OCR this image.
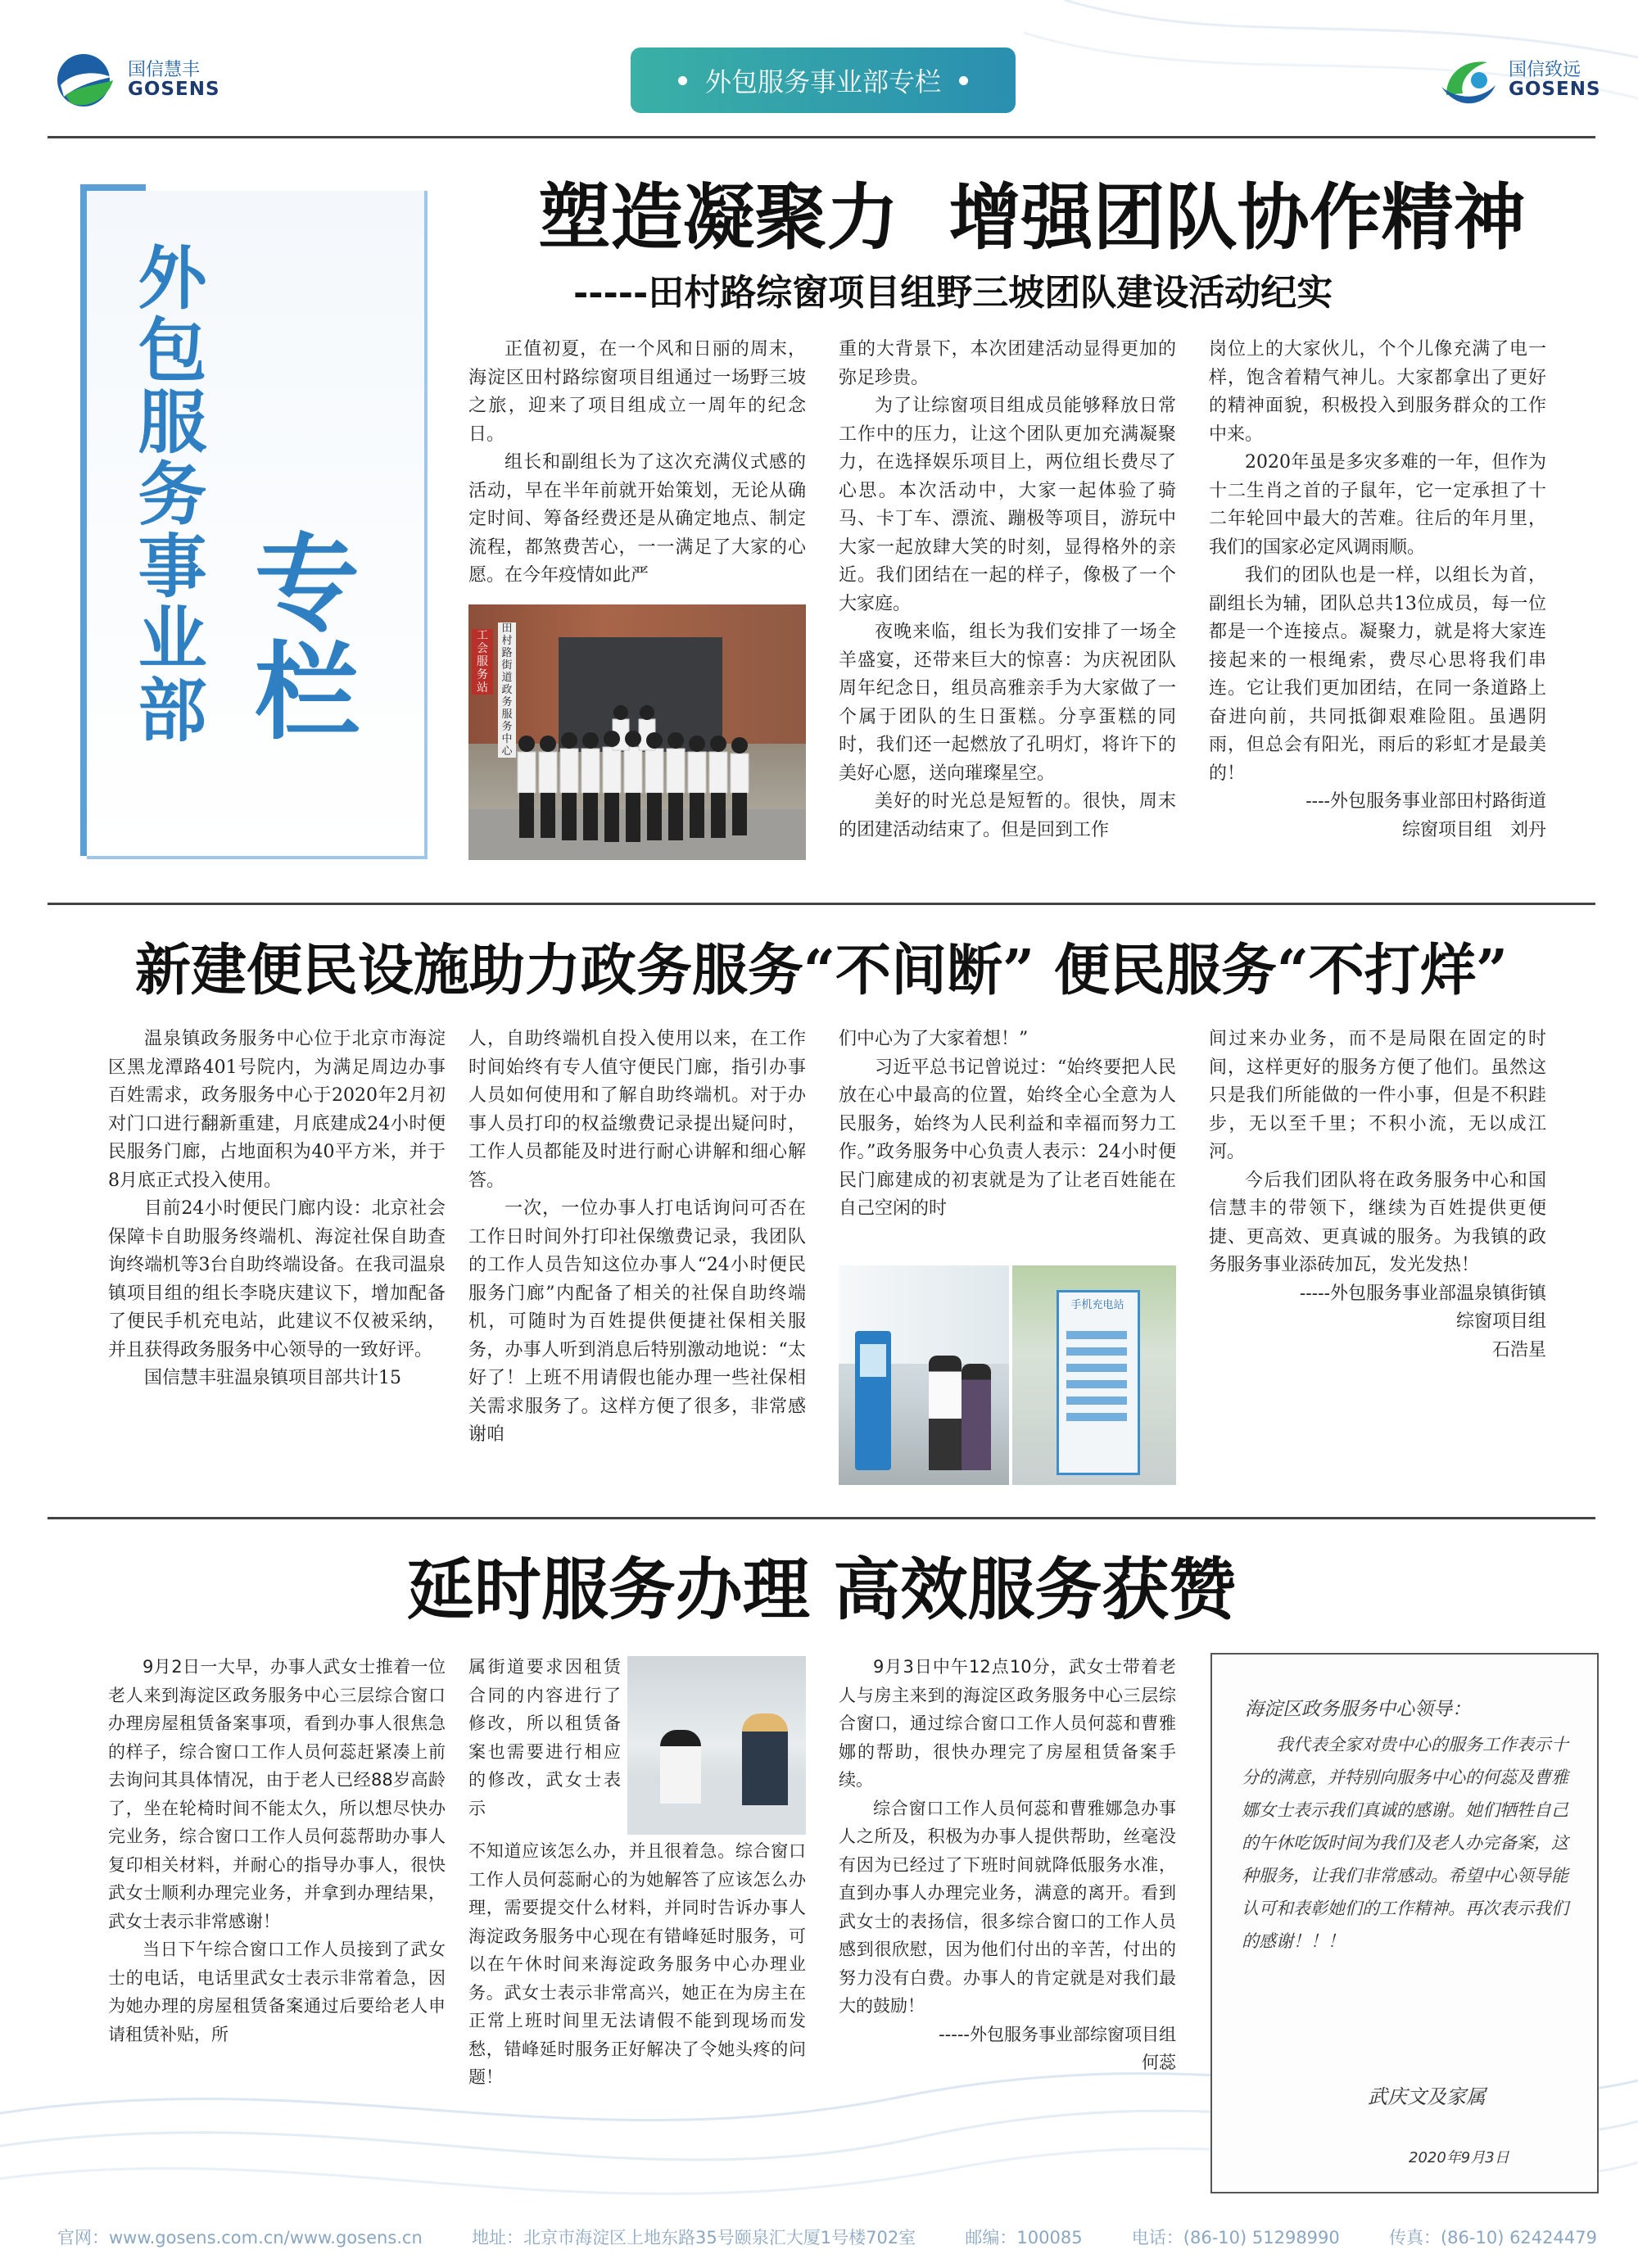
国信慧丰
GOSENS	外包服务事业部专栏	国信致远
GOSENS
外包服务事业部 专栏
塑造凝聚力  增强团队协作精神
-----田村路综窗项目组野三坡团队建设活动纪实

正值初夏，在一个风和日丽的周末，海淀区田村路综窗项目组通过一场野三坡之旅，迎来了项目组成立一周年的纪念日。

组长和副组长为了这次充满仪式感的活动，早在半年前就开始策划，无论从确定时间、筹备经费还是从确定地点、制定流程，都煞费苦心，一一满足了大家的心愿。在今年疫情如此严

工会服务站
田村路街道政务服务中心

重的大背景下，本次团建活动显得更加的弥足珍贵。

为了让综窗项目组成员能够释放日常工作中的压力，让这个团队更加充满凝聚力，在选择娱乐项目上，两位组长费尽了心思。本次活动中，大家一起体验了骑马、卡丁车、漂流、蹦极等项目，游玩中大家一起放肆大笑的时刻，显得格外的亲近。我们团结在一起的样子，像极了一个大家庭。

夜晚来临，组长为我们安排了一场全羊盛宴，还带来巨大的惊喜：为庆祝团队周年纪念日，组员高雅亲手为大家做了一个属于团队的生日蛋糕。分享蛋糕的同时，我们还一起燃放了孔明灯，将许下的美好心愿，送向璀璨星空。

美好的时光总是短暂的。很快，周末的团建活动结束了。但是回到工作

岗位上的大家伙儿，个个儿像充满了电一样，饱含着精气神儿。大家都拿出了更好的精神面貌，积极投入到服务群众的工作中来。

2020年虽是多灾多难的一年，但作为十二生肖之首的子鼠年，它一定承担了十二年轮回中最大的苦难。往后的年月里，我们的国家必定风调雨顺。

我们的团队也是一样，以组长为首，副组长为辅，团队总共13位成员，每一位都是一个连接点。凝聚力，就是将大家连接起来的一根绳索，费尽心思将我们串连。它让我们更加团结，在同一条道路上奋进向前，共同抵御艰难险阻。虽遇阴雨，但总会有阳光，雨后的彩虹才是最美的！

----外包服务事业部田村路街道

综窗项目组　刘丹

新建便民设施助力政务服务“不间断” 便民服务“不打烊”

温泉镇政务服务中心位于北京市海淀区黑龙潭路401号院内，为满足周边办事百姓需求，政务服务中心于2020年2月初对门口进行翻新重建，月底建成24小时便民服务门廊，占地面积为40平方米，并于8月底正式投入使用。

目前24小时便民门廊内设：北京社会保障卡自助服务终端机、海淀社保自助查询终端机等3台自助终端设备。在我司温泉镇项目组的组长李晓庆建议下，增加配备了便民手机充电站，此建议不仅被采纳，并且获得政务服务中心领导的一致好评。

国信慧丰驻温泉镇项目部共计15

人，自助终端机自投入使用以来，在工作时间始终有专人值守便民门廊，指引办事人员如何使用和了解自助终端机。对于办事人员打印的权益缴费记录提出疑问时，工作人员都能及时进行耐心讲解和细心解答。

一次，一位办事人打电话询问可否在工作日时间外打印社保缴费记录，我团队的工作人员告知这位办事人“24小时便民服务门廊”内配备了相关的社保自助终端机，可随时为百姓提供便捷社保相关服务，办事人听到消息后特别激动地说：“太好了！上班不用请假也能办理一些社保相关需求服务了。这样方便了很多，非常感谢咱

们中心为了大家着想！”

习近平总书记曾说过：“始终要把人民放在心中最高的位置，始终全心全意为人民服务，始终为人民利益和幸福而努力工作。”政务服务中心负责人表示：24小时便民门廊建成的初衷就是为了让老百姓能在自己空闲的时

手机充电站

间过来办业务，而不是局限在固定的时间，这样更好的服务方便了他们。虽然这只是我们所能做的一件小事，但是不积跬步，无以至千里；不积小流，无以成江河。

今后我们团队将在政务服务中心和国信慧丰的带领下，继续为百姓提供更便捷、更高效、更真诚的服务。为我镇的政务服务事业添砖加瓦，发光发热！

-----外包服务事业部温泉镇街镇

综窗项目组

石浩星

延时服务办理 高效服务获赞

9月2日一大早，办事人武女士推着一位老人来到海淀区政务服务中心三层综合窗口办理房屋租赁备案事项，看到办事人很焦急的样子，综合窗口工作人员何蕊赶紧凑上前去询问其具体情况，由于老人已经88岁高龄了，坐在轮椅时间不能太久，所以想尽快办完业务，综合窗口工作人员何蕊帮助办事人复印相关材料，并耐心的指导办事人，很快武女士顺利办理完业务，并拿到办理结果，武女士表示非常感谢！

当日下午综合窗口工作人员接到了武女士的电话，电话里武女士表示非常着急，因为她办理的房屋租赁备案通过后要给老人申请租赁补贴，所

属街道要求因租赁合同的内容进行了修改，所以租赁备案也需要进行相应的修改，武女士表示

不知道应该怎么办，并且很着急。综合窗口工作人员何蕊耐心的为她解答了应该怎么办理，需要提交什么材料，并同时告诉办事人海淀政务服务中心现在有错峰延时服务，可以在午休时间来海淀政务服务中心办理业务。武女士表示非常高兴，她正在为房主在正常上班时间里无法请假不能到现场而发愁，错峰延时服务正好解决了令她头疼的问题！

9月3日中午12点10分，武女士带着老人与房主来到的海淀区政务服务中心三层综合窗口，通过综合窗口工作人员何蕊和曹雅娜的帮助，很快办理完了房屋租赁备案手续。

综合窗口工作人员何蕊和曹雅娜急办事人之所及，积极为办事人提供帮助，丝毫没有因为已经过了下班时间就降低服务水准，直到办事人办理完业务，满意的离开。看到武女士的表扬信，很多综合窗口的工作人员感到很欣慰，因为他们付出的辛苦，付出的努力没有白费。办事人的肯定就是对我们最大的鼓励！

-----外包服务事业部综窗项目组

何蕊

海淀区政务服务中心领导：
我代表全家对贵中心的服务工作表示十分的满意，并特别向服务中心的何蕊及曹雅娜女士表示我们真诚的感谢。她们牺牲自己的午休吃饭时间为我们及老人办完备案，这种服务，让我们非常感动。希望中心领导能认可和表彰她们的工作精神。再次表示我们的感谢！！！
武庆文及家属
2020年9月3日
官网：www.gosens.com.cn/www.gosens.cn	地址：北京市海淀区上地东路35号颐泉汇大厦1号楼702室	邮编：100085	电话：(86-10) 51298990	传真：(86-10) 62424479
